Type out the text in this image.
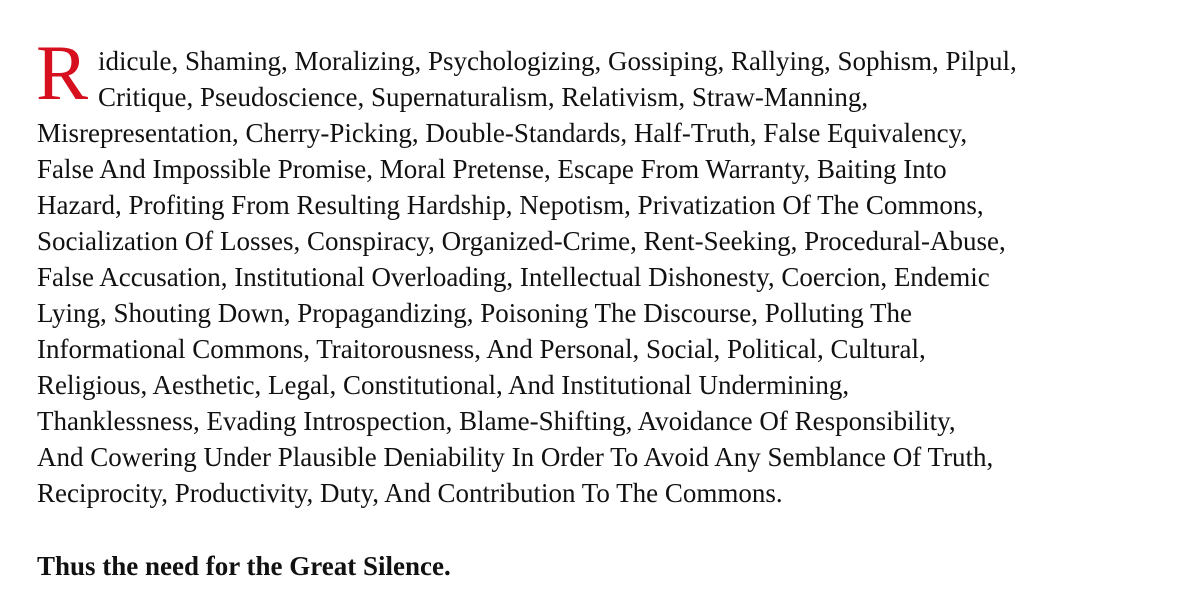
R idicule, Shaming, Moralizing, Psychologizing, Gossiping, Rallying, Sophism, Pilpul,
Critique, Pseudoscience, Supernaturalism, Relativism, Straw-Manning,
Misrepresentation, Cherry-Picking, Double-Standards, Half-Truth, False Equivalency,
False And Impossible Promise, Moral Pretense, Escape From Warranty, Baiting Into
Hazard, Profiting From Resulting Hardship, Nepotism, Privatization Of The Commons,
Socialization Of Losses, Conspiracy, Organized-Crime, Rent-Seeking, Procedural-Abuse,
False Accusation, Institutional Overloading, Intellectual Dishonesty, Coercion, Endemic
Lying, Shouting Down, Propagandizing, Poisoning The Discourse, Polluting The
Informational Commons, Traitorousness, And Personal, Social, Political, Cultural,
Religious, Aesthetic, Legal, Constitutional, And Institutional Undermining,
Thanklessness, Evading Introspection, Blame-Shifting, Avoidance Of Responsibility,
And Cowering Under Plausible Deniability In Order To Avoid Any Semblance Of Truth,
Reciprocity, Productivity, Duty, And Contribution To The Commons.
Thus the need for the Great Silence.
